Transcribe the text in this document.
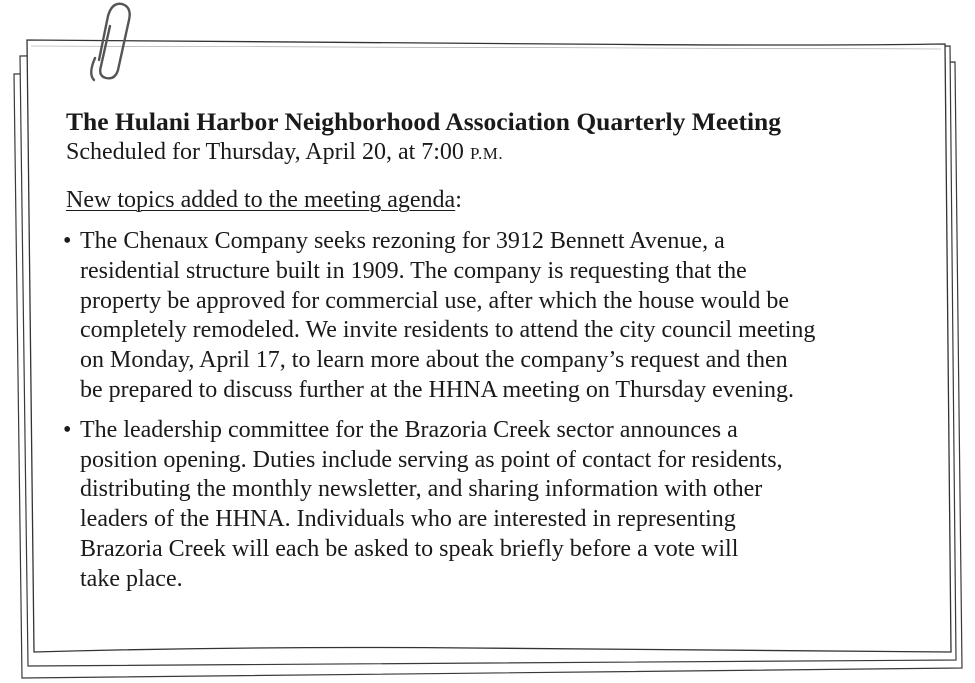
The Hulani Harbor Neighborhood Association Quarterly Meeting

Scheduled for Thursday, April 20, at 7:00 P.M.

New topics added to the meeting agenda:

• The Chenaux Company seeks rezoning for 3912 Bennett Avenue, a
residential structure built in 1909. The company is requesting that the
property be approved for commercial use, after which the house would be
completely remodeled. We invite residents to attend the city council meeting
on Monday, April 17, to learn more about the company’s request and then
be prepared to discuss further at the HHNA meeting on Thursday evening.
• The leadership committee for the Brazoria Creek sector announces a
position opening. Duties include serving as point of contact for residents,
distributing the monthly newsletter, and sharing information with other
leaders of the HHNA. Individuals who are interested in representing
Brazoria Creek will each be asked to speak briefly before a vote will
take place.
